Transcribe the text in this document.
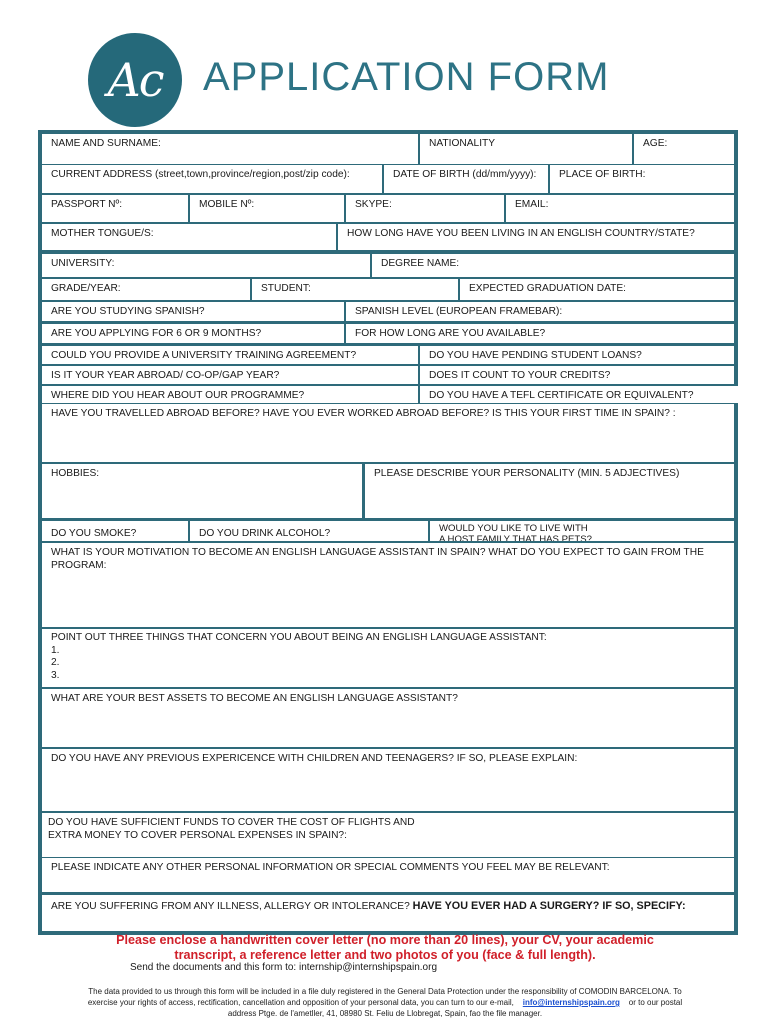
Ac APPLICATION FORM
NAME AND SURNAME:	NATIONALITY	AGE:
CURRENT ADDRESS (street,town,province/region,post/zip code):	DATE OF BIRTH (dd/mm/yyyy):	PLACE OF BIRTH:
PASSPORT Nº:	MOBILE Nº:	SKYPE:	EMAIL:
MOTHER TONGUE/S:	HOW LONG HAVE YOU BEEN LIVING IN AN ENGLISH COUNTRY/STATE?
UNIVERSITY:	DEGREE NAME:
GRADE/YEAR:	STUDENT:	EXPECTED GRADUATION DATE:
ARE YOU STUDYING SPANISH?	SPANISH LEVEL (EUROPEAN FRAMEBAR):
ARE YOU APPLYING FOR 6 OR 9 MONTHS?	FOR HOW LONG ARE YOU AVAILABLE?
COULD YOU PROVIDE A UNIVERSITY TRAINING AGREEMENT?	DO YOU HAVE PENDING STUDENT LOANS?
IS IT YOUR YEAR ABROAD/ CO-OP/GAP YEAR?	DOES IT COUNT TO YOUR CREDITS?
WHERE DID YOU HEAR ABOUT OUR PROGRAMME?	DO YOU HAVE A TEFL CERTIFICATE OR EQUIVALENT?
HAVE YOU TRAVELLED ABROAD BEFORE? HAVE YOU EVER WORKED ABROAD BEFORE? IS THIS YOUR FIRST TIME IN SPAIN? :
HOBBIES:	PLEASE DESCRIBE YOUR PERSONALITY (MIN. 5 ADJECTIVES)
DO YOU SMOKE?	DO YOU DRINK ALCOHOL?	WOULD YOU LIKE TO LIVE WITH
A HOST FAMILY THAT HAS PETS?
WHAT IS YOUR MOTIVATION TO BECOME AN ENGLISH LANGUAGE ASSISTANT IN SPAIN? WHAT DO YOU EXPECT TO GAIN FROM THE PROGRAM:
POINT OUT THREE THINGS THAT CONCERN YOU ABOUT BEING AN ENGLISH LANGUAGE ASSISTANT:
1.
2.
3.
WHAT ARE YOUR BEST ASSETS TO BECOME AN ENGLISH LANGUAGE ASSISTANT?
DO YOU HAVE ANY PREVIOUS EXPERICENCE WITH CHILDREN AND TEENAGERS? IF SO, PLEASE EXPLAIN:
DO YOU HAVE SUFFICIENT FUNDS TO COVER THE COST OF FLIGHTS AND
EXTRA MONEY TO COVER PERSONAL EXPENSES IN SPAIN?:
PLEASE INDICATE ANY OTHER PERSONAL INFORMATION OR SPECIAL COMMENTS YOU FEEL MAY BE RELEVANT:
ARE YOU SUFFERING FROM ANY ILLNESS, ALLERGY OR INTOLERANCE? HAVE YOU EVER HAD A SURGERY? IF SO, SPECIFY:
Please enclose a handwritten cover letter (no more than 20 lines), your CV, your academic
transcript, a reference letter and two photos of you (face & full length).
Send the documents and this form to: internship@internshipspain.org
The data provided to us through this form will be included in a file duly registered in the General Data Protection under the responsibility of COMODIN BARCELONA. To
exercise your rights of access, rectification, cancellation and opposition of your personal data, you can turn to our e-mail, info@internshipspain.org or to our postal
address Ptge. de l'ametller, 41, 08980 St. Feliu de Llobregat, Spain, fao the file manager.
